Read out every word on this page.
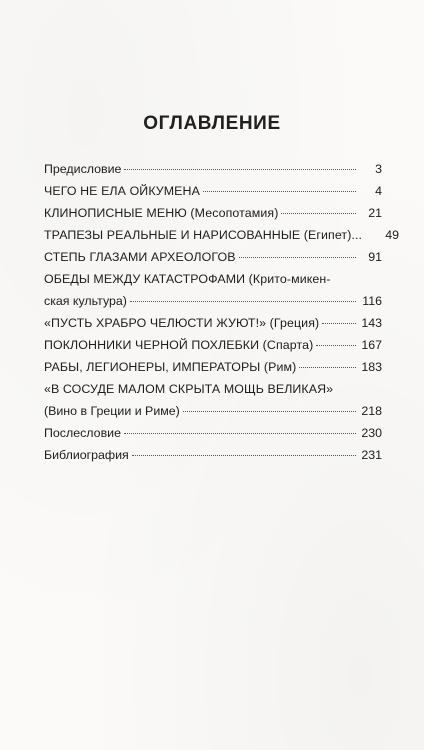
ОГЛАВЛЕНИЕ
Предисловие	3
ЧЕГО НЕ ЕЛА ОЙКУМЕНА	4
КЛИНОПИСНЫЕ МЕНЮ (Месопотамия)	21
ТРАПЕЗЫ РЕАЛЬНЫЕ И НАРИСОВАННЫЕ (Египет)...	49
СТЕПЬ ГЛАЗАМИ АРХЕОЛОГОВ	91
ОБЕДЫ МЕЖДУ КАТАСТРОФАМИ (Крито-микен-
ская культура)	116
«ПУСТЬ ХРАБРО ЧЕЛЮСТИ ЖУЮТ!» (Греция)	143
ПОКЛОННИКИ ЧЕРНОЙ ПОХЛЕБКИ (Спарта)	167
РАБЫ, ЛЕГИОНЕРЫ, ИМПЕРАТОРЫ (Рим)	183
«В СОСУДЕ МАЛОМ СКРЫТА МОЩЬ ВЕЛИКАЯ»
(Вино в Греции и Риме)	218
Послесловие	230
Библиография	231
